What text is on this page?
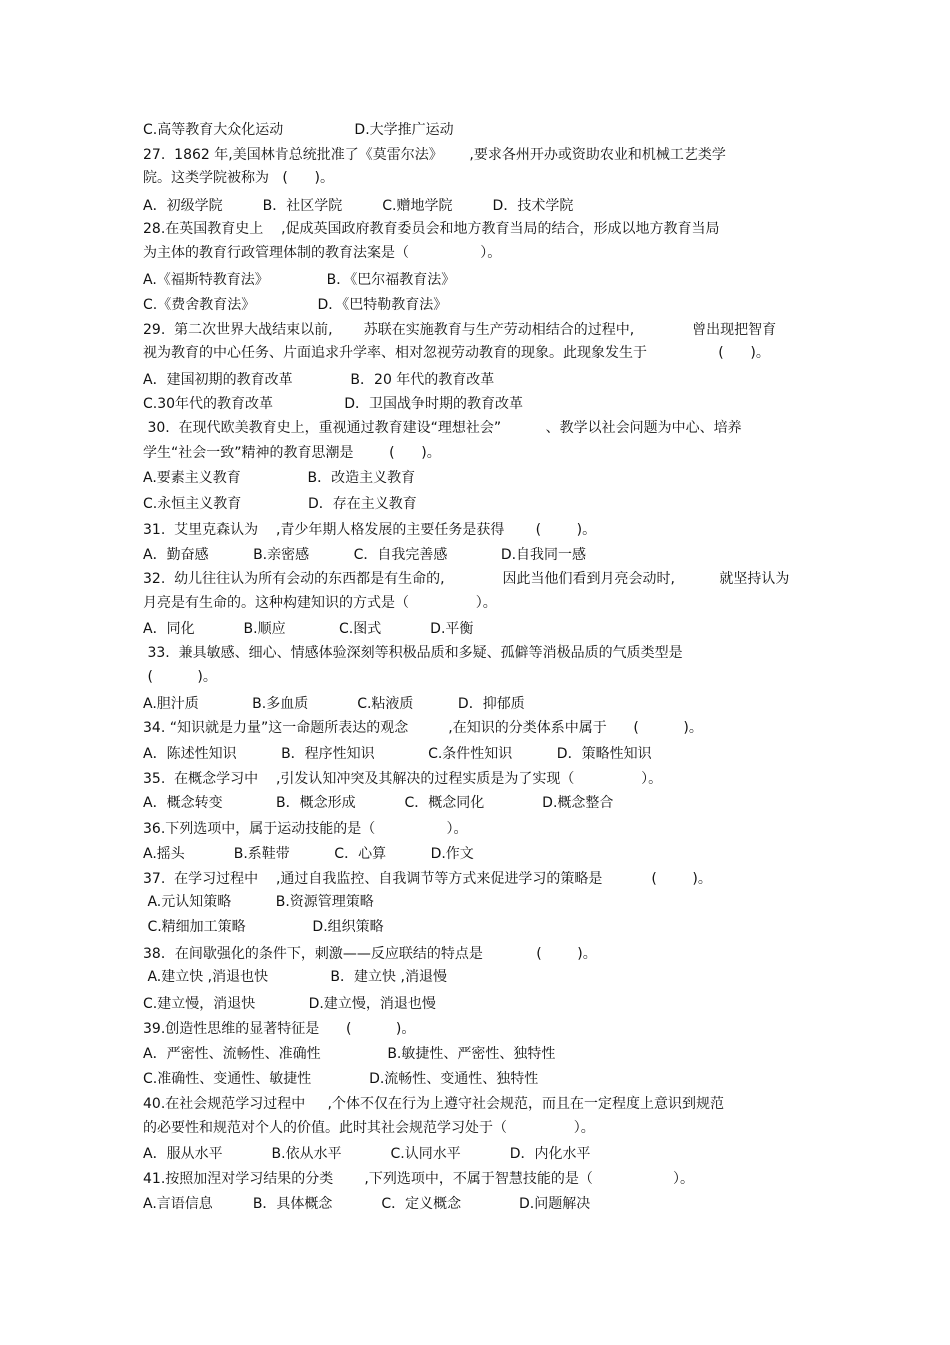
C.高等教育大众化运动                D.大学推广运动
27.  1862 年,美国林肯总统批准了《莫雷尔法》      ,要求各州开办或资助农业和机械工艺类学
院。这类学院被称为   (      )。
A．初级学院         B．社区学院         C.赠地学院         D．技术学院
28.在英国教育史上    ,促成英国政府教育委员会和地方教育当局的结合，形成以地方教育当局
为主体的教育行政管理体制的教育法案是（                ）。
A.《福斯特教育法》             B．《巴尔福教育法》
C.《费舍教育法》              D．《巴特勒教育法》
29.  第二次世界大战结束以前,       苏联在实施教育与生产劳动相结合的过程中,             曾出现把智育
视为教育的中心任务、片面追求升学率、相对忽视劳动教育的现象。此现象发生于                (      )。
A．建国初期的教育改革             B．20 年代的教育改革
C.30年代的教育改革                D．卫国战争时期的教育改革
30.  在现代欧美教育史上，重视通过教育建设“理想社会”          、教学以社会问题为中心、培养
学生“社会一致”精神的教育思潮是        (      )。
A.要素主义教育               B．改造主义教育
C.永恒主义教育               D．存在主义教育
31.  艾里克森认为    ,青少年期人格发展的主要任务是获得       (        )。
A．勤奋感          B.亲密感          C．自我完善感            D.自我同一感
32.  幼儿往往认为所有会动的东西都是有生命的,             因此当他们看到月亮会动时,          就坚持认为
月亮是有生命的。这种构建知识的方式是（               ）。
A．同化           B.顺应            C.图式           D.平衡
33.  兼具敏感、细心、情感体验深刻等积极品质和多疑、孤僻等消极品质的气质类型是
(          )。
A.胆汁质            B.多血质           C.粘液质          D．抑郁质
34. “知识就是力量”这一命题所表达的观念         ,在知识的分类体系中属于      (          )。
A．陈述性知识          B．程序性知识            C.条件性知识          D．策略性知识
35.  在概念学习中    ,引发认知冲突及其解决的过程实质是为了实现（               ）。
A．概念转变            B．概念形成           C．概念同化             D.概念整合
36.下列选项中，属于运动技能的是（                ）。
A.摇头           B.系鞋带          C．心算          D.作文
37.  在学习过程中    ,通过自我监控、自我调节等方式来促进学习的策略是           (        )。
A.元认知策略          B.资源管理策略
C.精细加工策略               D.组织策略
38．在间歇强化的条件下，刺激——反应联结的特点是            (        )。
A.建立快 ,消退也快              B．建立快 ,消退慢
C.建立慢，消退快            D.建立慢，消退也慢
39.创造性思维的显著特征是      (          )。
A．严密性、流畅性、准确性               B.敏捷性、严密性、独特性
C.准确性、变通性、敏捷性             D.流畅性、变通性、独特性
40.在社会规范学习过程中     ,个体不仅在行为上遵守社会规范，而且在一定程度上意识到规范
的必要性和规范对个人的价值。此时其社会规范学习处于（               ）。
A．服从水平           B.依从水平           C.认同水平           D．内化水平
41.按照加涅对学习结果的分类       ,下列选项中，不属于智慧技能的是（                  ）。
A.言语信息         B．具体概念           C．定义概念             D.问题解决
